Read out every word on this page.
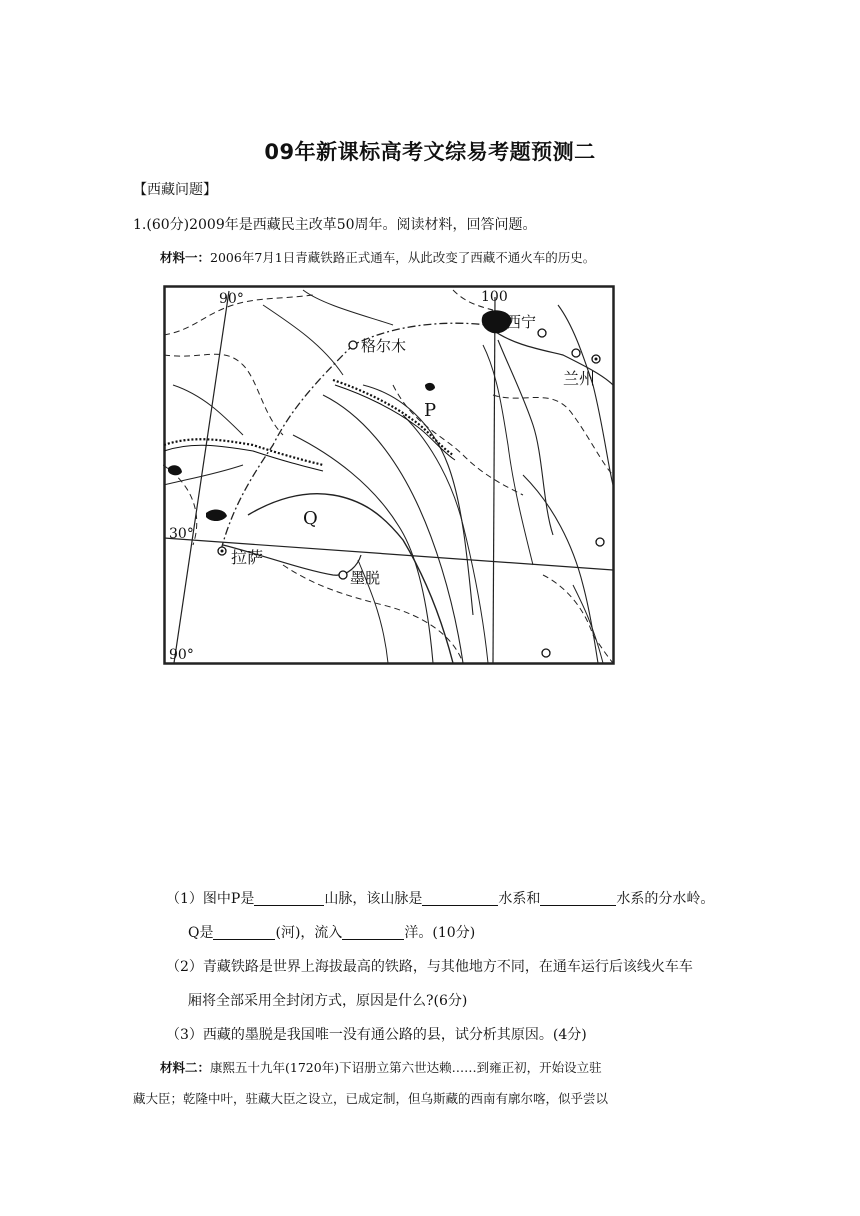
09年新课标高考文综易考题预测二
【西藏问题】
1.(60分)2009年是西藏民主改革50周年。阅读材料，回答问题。
材料一：2006年7月1日青藏铁路正式通车，从此改变了西藏不通火车的历史。
90°	100
30°
90°
西宁
兰州
格尔木
拉萨
墨脱
P
Q
（1）图中P是	山脉，该山脉是	水系和	水系的分水岭。
Q是	(河)，流入	洋。(10分)
（2）青藏铁路是世界上海拔最高的铁路，与其他地方不同，在通车运行后该线火车车
厢将全部采用全封闭方式，原因是什么?(6分)
（3）西藏的墨脱是我国唯一没有通公路的县，试分析其原因。(4分)
材料二：康熙五十九年(1720年)下诏册立第六世达赖……到雍正初，开始设立驻
藏大臣；乾隆中叶，驻藏大臣之设立，已成定制，但乌斯藏的西南有廓尔喀，似乎尝以
